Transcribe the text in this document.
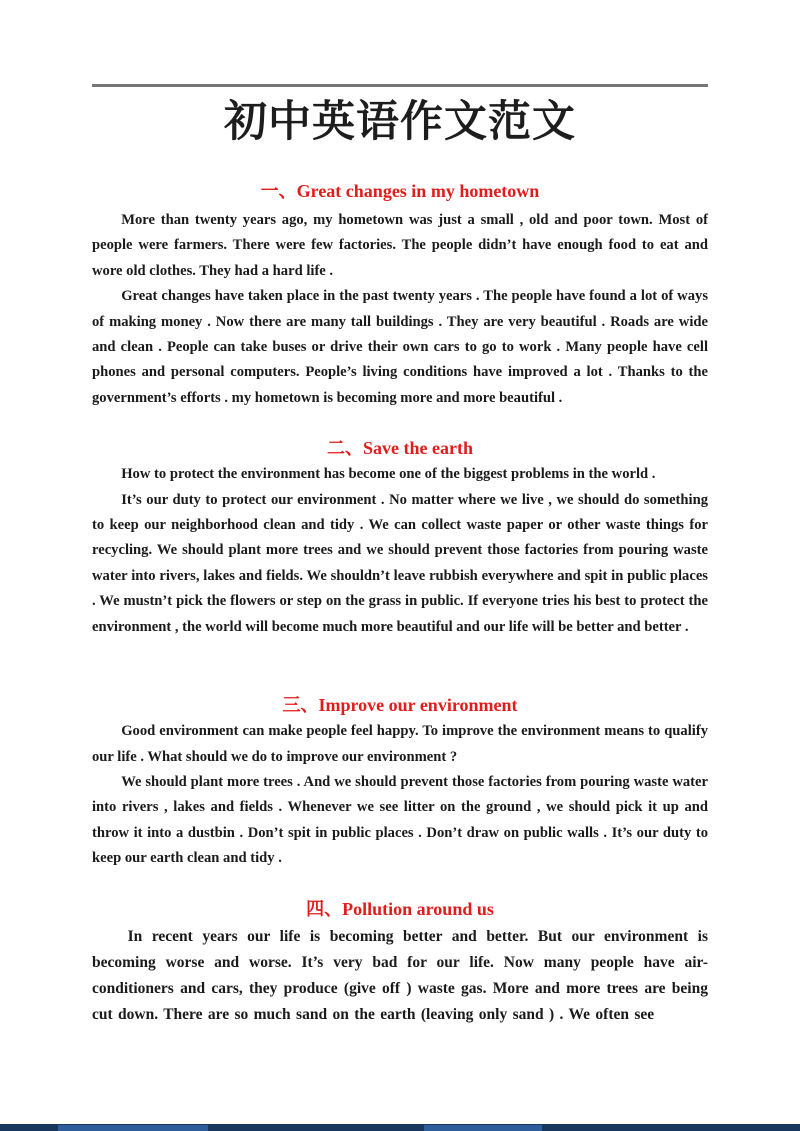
初中英语作文范文
一、Great changes in my hometown

More than twenty years ago, my hometown was just a small , old and poor town. Most of people were farmers. There were few factories. The people didn’t have enough food to eat and wore old clothes. They had a hard life .

Great changes have taken place in the past twenty years . The people have found a lot of ways of making money . Now there are many tall buildings . They are very beautiful . Roads are wide and clean . People can take buses or drive their own cars to go to work . Many people have cell phones and personal computers. People’s living conditions have improved a lot . Thanks to the government’s efforts . my hometown is becoming more and more beautiful .

二、Save the earth

How to protect the environment has become one of the biggest problems in the world .

It’s our duty to protect our environment . No matter where we live , we should do something to keep our neighborhood clean and tidy . We can collect waste paper or other waste things for recycling. We should plant more trees and we should prevent those factories from pouring waste water into rivers, lakes and fields. We shouldn’t leave rubbish everywhere and spit in public places . We mustn’t pick the flowers or step on the grass in public. If everyone tries his best to protect the environment , the world will become much more beautiful and our life will be better and better .

三、Improve our environment

Good environment can make people feel happy. To improve the environment means to qualify our life . What should we do to improve our environment ?

We should plant more trees . And we should prevent those factories from pouring waste water into rivers , lakes and fields . Whenever we see litter on the ground , we should pick it up and throw it into a dustbin . Don’t spit in public places . Don’t draw on public walls . It’s our duty to keep our earth clean and tidy .

四、Pollution around us

In recent years our life is becoming better and better. But our environment is becoming worse and worse. It’s very bad for our life. Now many people have air-conditioners and cars, they produce (give off ) waste gas. More and more trees are being cut down. There are so much sand on the earth (leaving only sand ) . We often see
